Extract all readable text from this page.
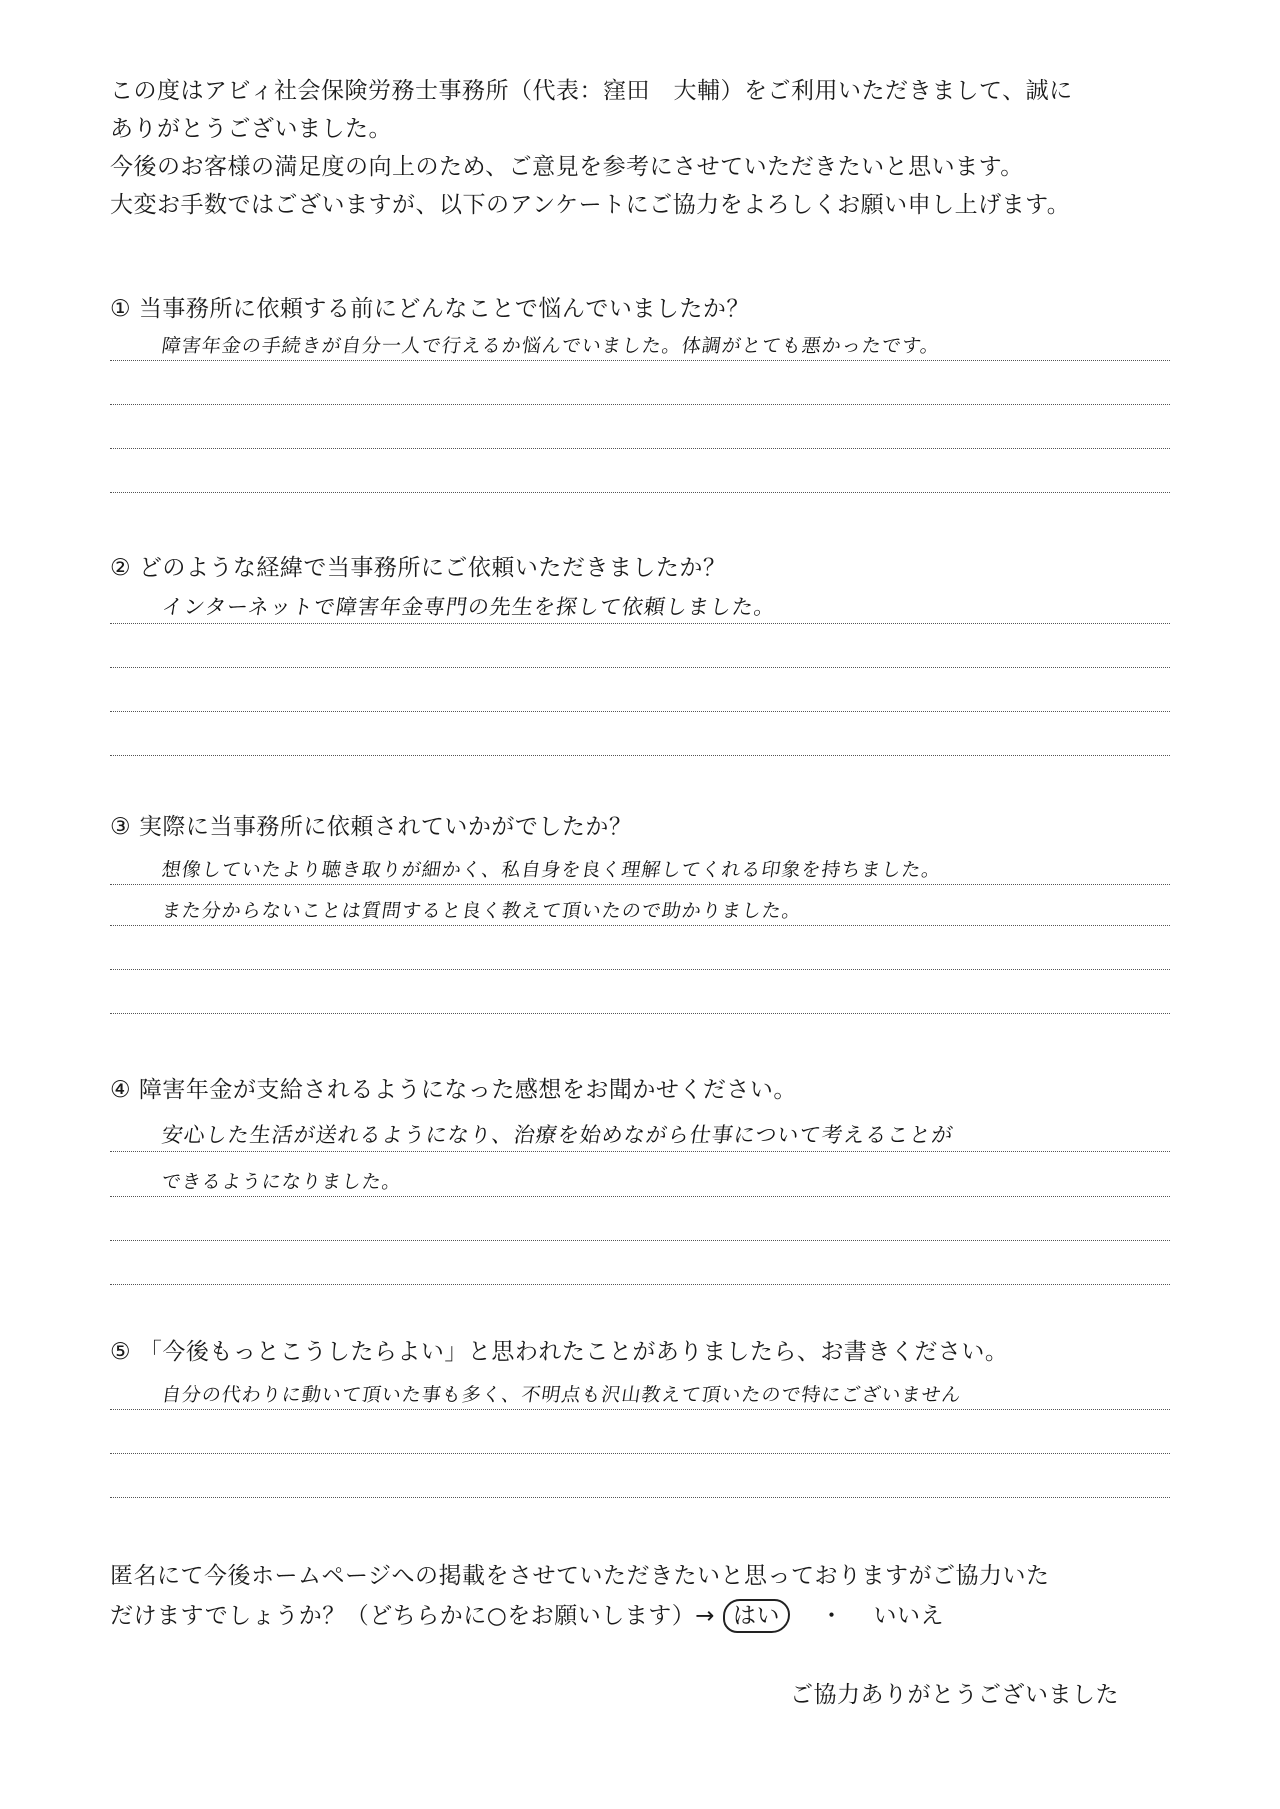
この度はアビィ社会保険労務士事務所（代表：窪田　大輔）をご利用いただきまして、誠に

ありがとうございました。

今後のお客様の満足度の向上のため、ご意見を参考にさせていただきたいと思います。

大変お手数ではございますが、以下のアンケートにご協力をよろしくお願い申し上げます。

① 当事務所に依頼する前にどんなことで悩んでいましたか？
障害年金の手続きが自分一人で行えるか悩んでいました。体調がとても悪かったです。
② どのような経緯で当事務所にご依頼いただきましたか？
インターネットで障害年金専門の先生を探して依頼しました。
③ 実際に当事務所に依頼されていかがでしたか？
想像していたより聴き取りが細かく、私自身を良く理解してくれる印象を持ちました。
また分からないことは質問すると良く教えて頂いたので助かりました。
④ 障害年金が支給されるようになった感想をお聞かせください。
安心した生活が送れるようになり、治療を始めながら仕事について考えることが
できるようになりました。
⑤ 「今後もっとこうしたらよい」と思われたことがありましたら、お書きください。
自分の代わりに動いて頂いた事も多く、不明点も沢山教えて頂いたので特にございません

匿名にて今後ホームページへの掲載をさせていただきたいと思っておりますがご協力いた

だけますでしょうか？（どちらかに○をお願いします）→ はい ・ いいえ

ご協力ありがとうございました
